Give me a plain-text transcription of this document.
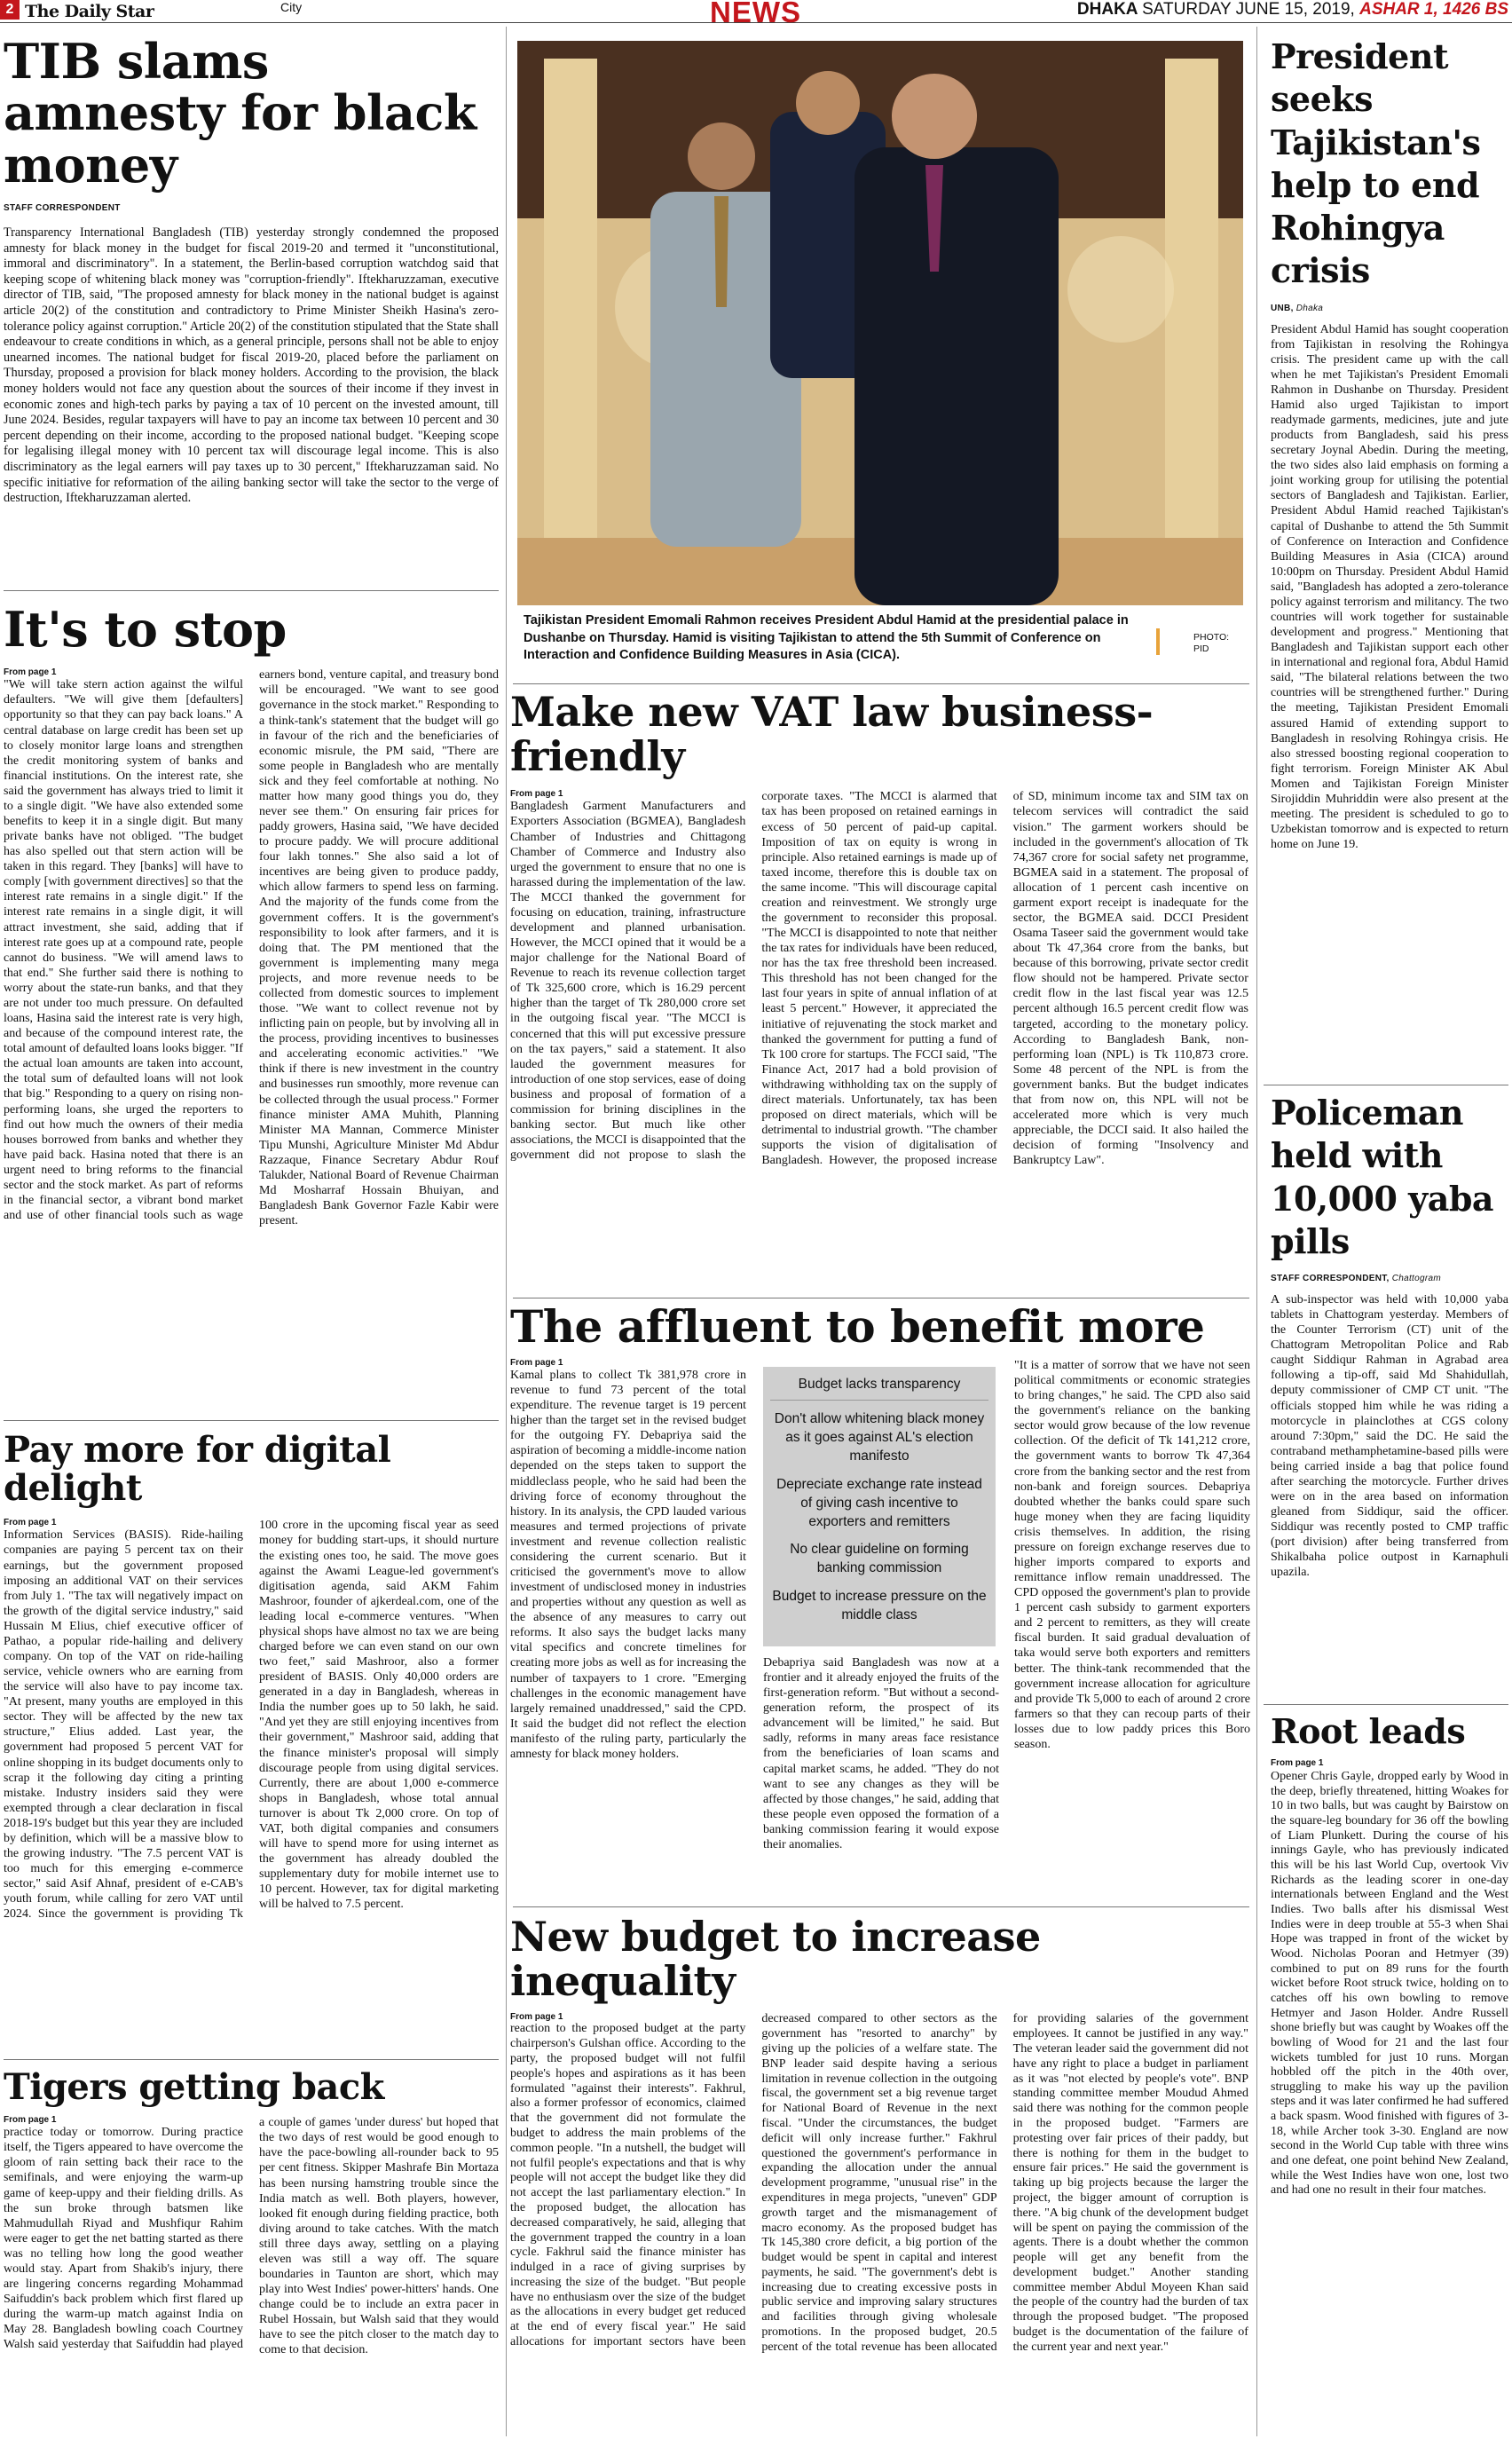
2 The Daily Star	City	NEWS	DHAKA SATURDAY JUNE 15, 2019, ASHAR 1, 1426 BS
TIB slams amnesty for black money
STAFF CORRESPONDENT
Transparency International Bangladesh (TIB) yesterday strongly condemned the proposed amnesty for black money in the budget for fiscal 2019-20 and termed it "unconstitutional, immoral and discriminatory". In a statement, the Berlin-based corruption watchdog said that keeping scope of whitening black money was "corruption-friendly". Iftekharuzzaman, executive director of TIB, said, "The proposed amnesty for black money in the national budget is against article 20(2) of the constitution and contradictory to Prime Minister Sheikh Hasina's zero-tolerance policy against corruption." Article 20(2) of the constitution stipulated that the State shall endeavour to create conditions in which, as a general principle, persons shall not be able to enjoy unearned incomes. The national budget for fiscal 2019-20, placed before the parliament on Thursday, proposed a provision for black money holders. According to the provision, the black money holders would not face any question about the sources of their income if they invest in economic zones and high-tech parks by paying a tax of 10 percent on the invested amount, till June 2024. Besides, regular taxpayers will have to pay an income tax between 10 percent and 30 percent depending on their income, according to the proposed national budget. "Keeping scope for legalising illegal money with 10 percent tax will discourage legal income. This is also discriminatory as the legal earners will pay taxes up to 30 percent," Iftekharuzzaman said. No specific initiative for reformation of the ailing banking sector will take the sector to the verge of destruction, Iftekharuzzaman alerted.
It's to stop
From page 1
"We will take stern action against the wilful defaulters. "We will give them [defaulters] opportunity so that they can pay back loans." A central database on large credit has been set up to closely monitor large loans and strengthen the credit monitoring system of banks and financial institutions. On the interest rate, she said the government has always tried to limit it to a single digit. "We have also extended some benefits to keep it in a single digit. But many private banks have not obliged. "The budget has also spelled out that stern action will be taken in this regard. They [banks] will have to comply [with government directives] so that the interest rate remains in a single digit." If the interest rate remains in a single digit, it will attract investment, she said, adding that if interest rate goes up at a compound rate, people cannot do business. "We will amend laws to that end." She further said there is nothing to worry about the state-run banks, and that they are not under too much pressure. On defaulted loans, Hasina said the interest rate is very high, and because of the compound interest rate, the total amount of defaulted loans looks bigger. "If the actual loan amounts are taken into account, the total sum of defaulted loans will not look that big." Responding to a query on rising non-performing loans, she urged the reporters to find out how much the owners of their media houses borrowed from banks and whether they have paid back. Hasina noted that there is an urgent need to bring reforms to the financial sector and the stock market. As part of reforms in the financial sector, a vibrant bond market and use of other financial tools such as wage earners bond, venture capital, and treasury bond will be encouraged. "We want to see good governance in the stock market." Responding to a think-tank's statement that the budget will go in favour of the rich and the beneficiaries of economic misrule, the PM said, "There are some people in Bangladesh who are mentally sick and they feel comfortable at nothing. No matter how many good things you do, they never see them." On ensuring fair prices for paddy growers, Hasina said, "We have decided to procure paddy. We will procure additional four lakh tonnes." She also said a lot of incentives are being given to produce paddy, which allow farmers to spend less on farming. And the majority of the funds come from the government coffers. It is the government's responsibility to look after farmers, and it is doing that. The PM mentioned that the government is implementing many mega projects, and more revenue needs to be collected from domestic sources to implement those. "We want to collect revenue not by inflicting pain on people, but by involving all in the process, providing incentives to businesses and accelerating economic activities." "We think if there is new investment in the country and businesses run smoothly, more revenue can be collected through the usual process." Former finance minister AMA Muhith, Planning Minister MA Mannan, Commerce Minister Tipu Munshi, Agriculture Minister Md Abdur Razzaque, Finance Secretary Abdur Rouf Talukder, National Board of Revenue Chairman Md Mosharraf Hossain Bhuiyan, and Bangladesh Bank Governor Fazle Kabir were present.
Pay more for digital delight
From page 1
Information Services (BASIS). Ride-hailing companies are paying 5 percent tax on their earnings, but the government proposed imposing an additional VAT on their services from July 1. "The tax will negatively impact on the growth of the digital service industry," said Hussain M Elius, chief executive officer of Pathao, a popular ride-hailing and delivery company. On top of the VAT on ride-hailing service, vehicle owners who are earning from the service will also have to pay income tax. "At present, many youths are employed in this sector. They will be affected by the new tax structure," Elius added. Last year, the government had proposed 5 percent VAT for online shopping in its budget documents only to scrap it the following day citing a printing mistake. Industry insiders said they were exempted through a clear declaration in fiscal 2018-19's budget but this year they are included by definition, which will be a massive blow to the growing industry. "The 7.5 percent VAT is too much for this emerging e-commerce sector," said Asif Ahnaf, president of e-CAB's youth forum, while calling for zero VAT until 2024. Since the government is providing Tk 100 crore in the upcoming fiscal year as seed money for budding start-ups, it should nurture the existing ones too, he said. The move goes against the Awami League-led government's digitisation agenda, said AKM Fahim Mashroor, founder of ajkerdeal.com, one of the leading local e-commerce ventures. "When physical shops have almost no tax we are being charged before we can even stand on our own two feet," said Mashroor, also a former president of BASIS. Only 40,000 orders are generated in a day in Bangladesh, whereas in India the number goes up to 50 lakh, he said. "And yet they are still enjoying incentives from their government," Mashroor said, adding that the finance minister's proposal will simply discourage people from using digital services. Currently, there are about 1,000 e-commerce shops in Bangladesh, whose total annual turnover is about Tk 2,000 crore. On top of VAT, both digital companies and consumers will have to spend more for using internet as the government has already doubled the supplementary duty for mobile internet use to 10 percent. However, tax for digital marketing will be halved to 7.5 percent.
Tigers getting back
From page 1
practice today or tomorrow. During practice itself, the Tigers appeared to have overcome the gloom of rain setting back their race to the semifinals, and were enjoying the warm-up game of keep-uppy and their fielding drills. As the sun broke through batsmen like Mahmudullah Riyad and Mushfiqur Rahim were eager to get the net batting started as there was no telling how long the good weather would stay. Apart from Shakib's injury, there are lingering concerns regarding Mohammad Saifuddin's back problem which first flared up during the warm-up match against India on May 28. Bangladesh bowling coach Courtney Walsh said yesterday that Saifuddin had played a couple of games 'under duress' but hoped that the two days of rest would be good enough to have the pace-bowling all-rounder back to 95 per cent fitness. Skipper Mashrafe Bin Mortaza has been nursing hamstring trouble since the India match as well. Both players, however, looked fit enough during fielding practice, both diving around to take catches. With the match still three days away, settling on a playing eleven was still a way off. The square boundaries in Taunton are short, which may play into West Indies' power-hitters' hands. One change could be to include an extra pacer in Rubel Hossain, but Walsh said that they would have to see the pitch closer to the match day to come to that decision.
Tajikistan President Emomali Rahmon receives President Abdul Hamid at the presidential palace in Dushanbe on Thursday. Hamid is visiting Tajikistan to attend the 5th Summit of Conference on Interaction and Confidence Building Measures in Asia (CICA).
PHOTO: PID
Make new VAT law business-friendly
From page 1
Bangladesh Garment Manufacturers and Exporters Association (BGMEA), Bangladesh Chamber of Industries and Chittagong Chamber of Commerce and Industry also urged the government to ensure that no one is harassed during the implementation of the law. The MCCI thanked the government for focusing on education, training, infrastructure development and planned urbanisation. However, the MCCI opined that it would be a major challenge for the National Board of Revenue to reach its revenue collection target of Tk 325,600 crore, which is 16.29 percent higher than the target of Tk 280,000 crore set in the outgoing fiscal year. "The MCCI is concerned that this will put excessive pressure on the tax payers," said a statement. It also lauded the government measures for introduction of one stop services, ease of doing business and proposal of formation of a commission for brining disciplines in the banking sector. But much like other associations, the MCCI is disappointed that the government did not propose to slash the corporate taxes. "The MCCI is alarmed that tax has been proposed on retained earnings in excess of 50 percent of paid-up capital. Imposition of tax on equity is wrong in principle. Also retained earnings is made up of taxed income, therefore this is double tax on the same income. "This will discourage capital creation and reinvestment. We strongly urge the government to reconsider this proposal. "The MCCI is disappointed to note that neither the tax rates for individuals have been reduced, nor has the tax free threshold been increased. This threshold has not been changed for the last four years in spite of annual inflation of at least 5 percent." However, it appreciated the initiative of rejuvenating the stock market and thanked the government for putting a fund of Tk 100 crore for startups. The FCCI said, "The Finance Act, 2017 had a bold provision of withdrawing withholding tax on the supply of direct materials. Unfortunately, tax has been proposed on direct materials, which will be detrimental to industrial growth. "The chamber supports the vision of digitalisation of Bangladesh. However, the proposed increase of SD, minimum income tax and SIM tax on telecom services will contradict the said vision." The garment workers should be included in the government's allocation of Tk 74,367 crore for social safety net programme, BGMEA said in a statement. The proposal of allocation of 1 percent cash incentive on garment export receipt is inadequate for the sector, the BGMEA said. DCCI President Osama Taseer said the government would take about Tk 47,364 crore from the banks, but because of this borrowing, private sector credit flow should not be hampered. Private sector credit flow in the last fiscal year was 12.5 percent although 16.5 percent credit flow was targeted, according to the monetary policy. According to Bangladesh Bank, non-performing loan (NPL) is Tk 110,873 crore. Some 48 percent of the NPL is from the government banks. But the budget indicates that from now on, this NPL will not be accelerated more which is very much appreciable, the DCCI said. It also hailed the decision of forming "Insolvency and Bankruptcy Law".
The affluent to benefit more
From page 1
Kamal plans to collect Tk 381,978 crore in revenue to fund 73 percent of the total expenditure. The revenue target is 19 percent higher than the target set in the revised budget for the outgoing FY. Debapriya said the aspiration of becoming a middle-income nation depended on the steps taken to support the middleclass people, who he said had been the driving force of economy throughout the history. In its analysis, the CPD lauded various measures and termed projections of private investment and revenue collection realistic considering the current scenario. But it criticised the government's move to allow investment of undisclosed money in industries and properties without any question as well as the absence of any measures to carry out reforms. It also says the budget lacks many vital specifics and concrete timelines for creating more jobs as well as for increasing the number of taxpayers to 1 crore. "Emerging challenges in the economic management have largely remained unaddressed," said the CPD. It said the budget did not reflect the election manifesto of the ruling party, particularly the amnesty for black money holders.
Budget lacks transparency
Don't allow whitening black money as it goes against AL's election manifesto
Depreciate exchange rate instead of giving cash incentive to exporters and remitters
No clear guideline on forming banking commission
Budget to increase pressure on the middle class
Debapriya said Bangladesh was now at a frontier and it already enjoyed the fruits of the first-generation reform. "But without a second-generation reform, the prospect of its advancement will be limited," he said. But sadly, reforms in many areas face resistance from the beneficiaries of loan scams and capital market scams, he added. "They do not want to see any changes as they will be affected by those changes," he said, adding that these people even opposed the formation of a banking commission fearing it would expose their anomalies.
"It is a matter of sorrow that we have not seen political commitments or economic strategies to bring changes," he said. The CPD also said the government's reliance on the banking sector would grow because of the low revenue collection. Of the deficit of Tk 141,212 crore, the government wants to borrow Tk 47,364 crore from the banking sector and the rest from non-bank and foreign sources. Debapriya doubted whether the banks could spare such huge money when they are facing liquidity crisis themselves. In addition, the rising pressure on foreign exchange reserves due to higher imports compared to exports and remittance inflow remain unaddressed. The CPD opposed the government's plan to provide 1 percent cash subsidy to garment exporters and 2 percent to remitters, as they will create fiscal burden. It said gradual devaluation of taka would serve both exporters and remitters better. The think-tank recommended that the government increase allocation for agriculture and provide Tk 5,000 to each of around 2 crore farmers so that they can recoup parts of their losses due to low paddy prices this Boro season.
New budget to increase inequality
From page 1
reaction to the proposed budget at the party chairperson's Gulshan office. According to the party, the proposed budget will not fulfil people's hopes and aspirations as it has been formulated "against their interests". Fakhrul, also a former professor of economics, claimed that the government did not formulate the budget to address the main problems of the common people. "In a nutshell, the budget will not fulfil people's expectations and that is why people will not accept the budget like they did not accept the last parliamentary election." In the proposed budget, the allocation has decreased comparatively, he said, alleging that the government trapped the country in a loan cycle. Fakhrul said the finance minister has indulged in a race of giving surprises by increasing the size of the budget. "But people have no enthusiasm over the size of the budget as the allocations in every budget get reduced at the end of every fiscal year." He said allocations for important sectors have been decreased compared to other sectors as the government has "resorted to anarchy" by giving up the policies of a welfare state. The BNP leader said despite having a serious limitation in revenue collection in the outgoing fiscal, the government set a big revenue target for National Board of Revenue in the next fiscal. "Under the circumstances, the budget deficit will only increase further." Fakhrul questioned the government's performance in expanding the allocation under the annual development programme, "unusual rise" in the expenditures in mega projects, "uneven" GDP growth target and the mismanagement of macro economy. As the proposed budget has Tk 145,380 crore deficit, a big portion of the budget would be spent in capital and interest payments, he said. "The government's debt is increasing due to creating excessive posts in public service and improving salary structures and facilities through giving wholesale promotions. In the proposed budget, 20.5 percent of the total revenue has been allocated for providing salaries of the government employees. It cannot be justified in any way." The veteran leader said the government did not have any right to place a budget in parliament as it was "not elected by people's vote". BNP standing committee member Moudud Ahmed said there was nothing for the common people in the proposed budget. "Farmers are protesting over fair prices of their paddy, but there is nothing for them in the budget to ensure fair prices." He said the government is taking up big projects because the larger the project, the bigger amount of corruption is there. "A big chunk of the development budget will be spent on paying the commission of the agents. There is a doubt whether the common people will get any benefit from the development budget." Another standing committee member Abdul Moyeen Khan said the people of the country had the burden of tax through the proposed budget. "The proposed budget is the documentation of the failure of the current year and next year."
President seeks Tajikistan's help to end Rohingya crisis
UNB, Dhaka
President Abdul Hamid has sought cooperation from Tajikistan in resolving the Rohingya crisis. The president came up with the call when he met Tajikistan's President Emomali Rahmon in Dushanbe on Thursday. President Hamid also urged Tajikistan to import readymade garments, medicines, jute and jute products from Bangladesh, said his press secretary Joynal Abedin. During the meeting, the two sides also laid emphasis on forming a joint working group for utilising the potential sectors of Bangladesh and Tajikistan. Earlier, President Abdul Hamid reached Tajikistan's capital of Dushanbe to attend the 5th Summit of Conference on Interaction and Confidence Building Measures in Asia (CICA) around 10:00pm on Thursday. President Abdul Hamid said, "Bangladesh has adopted a zero-tolerance policy against terrorism and militancy. The two countries will work together for sustainable development and progress." Mentioning that Bangladesh and Tajikistan support each other in international and regional fora, Abdul Hamid said, "The bilateral relations between the two countries will be strengthened further." During the meeting, Tajikistan President Emomali assured Hamid of extending support to Bangladesh in resolving Rohingya crisis. He also stressed boosting regional cooperation to fight terrorism. Foreign Minister AK Abul Momen and Tajikistan Foreign Minister Sirojiddin Muhriddin were also present at the meeting. The president is scheduled to go to Uzbekistan tomorrow and is expected to return home on June 19.
Policeman held with 10,000 yaba pills
STAFF CORRESPONDENT, Chattogram
A sub-inspector was held with 10,000 yaba tablets in Chattogram yesterday. Members of the Counter Terrorism (CT) unit of the Chattogram Metropolitan Police and Rab caught Siddiqur Rahman in Agrabad area following a tip-off, said Md Shahidullah, deputy commissioner of CMP CT unit. "The officials stopped him while he was riding a motorcycle in plainclothes at CGS colony around 7:30pm," said the DC. He said the contraband methamphetamine-based pills were being carried inside a bag that police found after searching the motorcycle. Further drives were on in the area based on information gleaned from Siddiqur, said the officer. Siddiqur was recently posted to CMP traffic (port division) after being transferred from Shikalbaha police outpost in Karnaphuli upazila.
Root leads
From page 1
Opener Chris Gayle, dropped early by Wood in the deep, briefly threatened, hitting Woakes for 10 in two balls, but was caught by Bairstow on the square-leg boundary for 36 off the bowling of Liam Plunkett. During the course of his innings Gayle, who has previously indicated this will be his last World Cup, overtook Viv Richards as the leading scorer in one-day internationals between England and the West Indies. Two balls after his dismissal West Indies were in deep trouble at 55-3 when Shai Hope was trapped in front of the wicket by Wood. Nicholas Pooran and Hetmyer (39) combined to put on 89 runs for the fourth wicket before Root struck twice, holding on to catches off his own bowling to remove Hetmyer and Jason Holder. Andre Russell shone briefly but was caught by Woakes off the bowling of Wood for 21 and the last four wickets tumbled for just 10 runs. Morgan hobbled off the pitch in the 40th over, struggling to make his way up the pavilion steps and it was later confirmed he had suffered a back spasm. Wood finished with figures of 3-18, while Archer took 3-30. England are now second in the World Cup table with three wins and one defeat, one point behind New Zealand, while the West Indies have won one, lost two and had one no result in their four matches.
